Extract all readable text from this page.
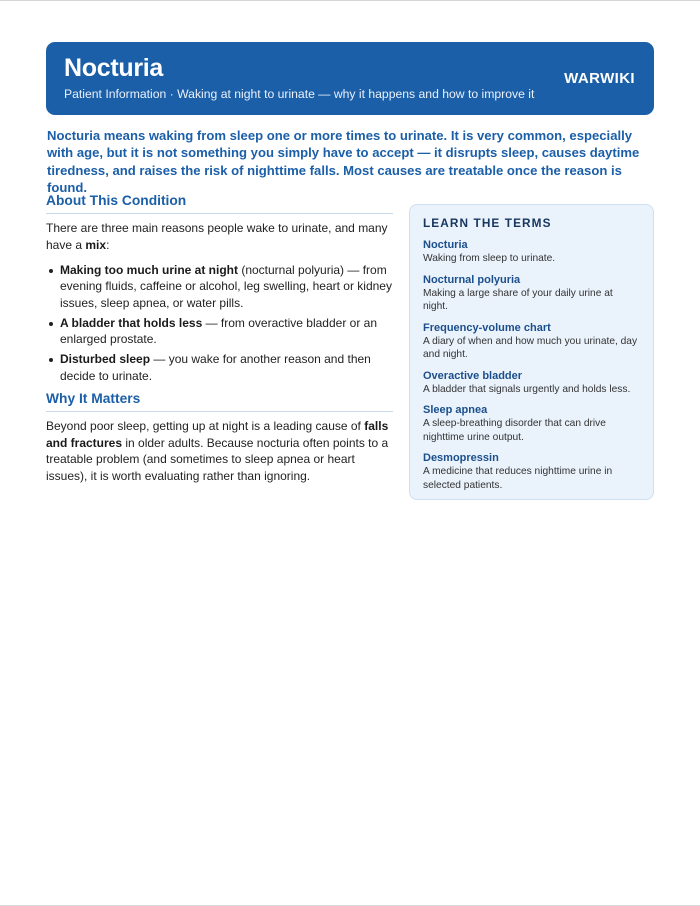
Nocturia
Patient Information · Waking at night to urinate — why it happens and how to improve it
WARWIKI

Nocturia means waking from sleep one or more times to urinate. It is very common, especially with age, but it is not something you simply have to accept — it disrupts sleep, causes daytime tiredness, and raises the risk of nighttime falls. Most causes are treatable once the reason is found.

About This Condition

There are three main reasons people wake to urinate, and many have a mix:

Making too much urine at night (nocturnal polyuria) — from evening fluids, caffeine or alcohol, leg swelling, heart or kidney issues, sleep apnea, or water pills.
A bladder that holds less — from overactive bladder or an enlarged prostate.
Disturbed sleep — you wake for another reason and then decide to urinate.
Why It Matters

Beyond poor sleep, getting up at night is a leading cause of falls and fractures in older adults. Because nocturia often points to a treatable problem (and sometimes to sleep apnea or heart issues), it is worth evaluating rather than ignoring.

LEARN THE TERMS
Nocturia
Waking from sleep to urinate.
Nocturnal polyuria
Making a large share of your daily urine at night.
Frequency-volume chart
A diary of when and how much you urinate, day and night.
Overactive bladder
A bladder that signals urgently and holds less.
Sleep apnea
A sleep-breathing disorder that can drive nighttime urine output.
Desmopressin
A medicine that reduces nighttime urine in selected patients.
